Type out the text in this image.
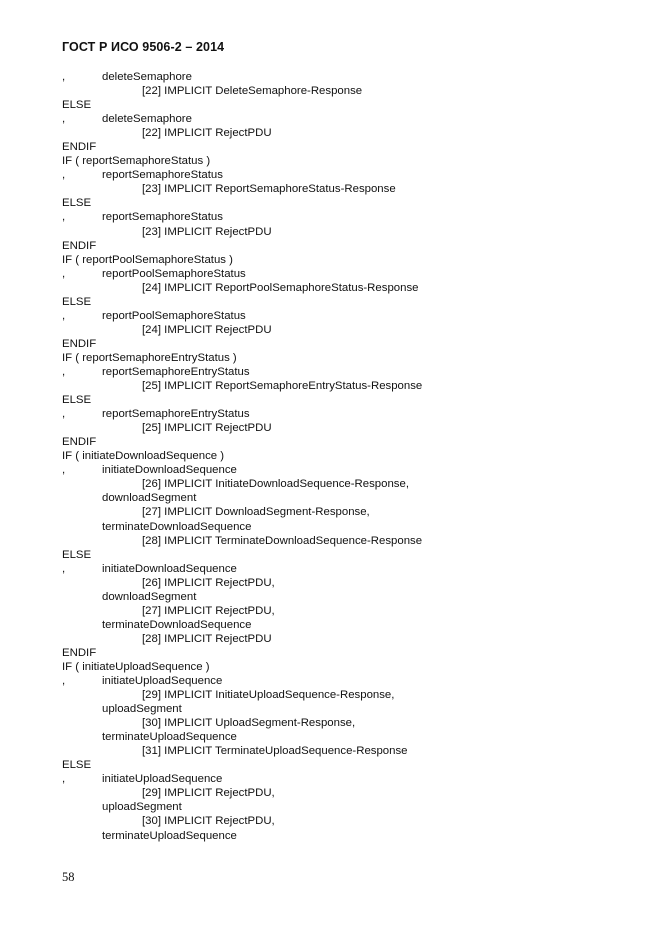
ГОСТ Р ИСО 9506-2 – 2014
,	deleteSemaphore
[22] IMPLICIT DeleteSemaphore-Response
ELSE
,	deleteSemaphore
[22] IMPLICIT RejectPDU
ENDIF
IF ( reportSemaphoreStatus )
,	reportSemaphoreStatus
[23] IMPLICIT ReportSemaphoreStatus-Response
ELSE
,	reportSemaphoreStatus
[23] IMPLICIT RejectPDU
ENDIF
IF ( reportPoolSemaphoreStatus )
,	reportPoolSemaphoreStatus
[24] IMPLICIT ReportPoolSemaphoreStatus-Response
ELSE
,	reportPoolSemaphoreStatus
[24] IMPLICIT RejectPDU
ENDIF
IF ( reportSemaphoreEntryStatus )
,	reportSemaphoreEntryStatus
[25] IMPLICIT ReportSemaphoreEntryStatus-Response
ELSE
,	reportSemaphoreEntryStatus
[25] IMPLICIT RejectPDU
ENDIF
IF ( initiateDownloadSequence )
,	initiateDownloadSequence
[26] IMPLICIT InitiateDownloadSequence-Response,
downloadSegment
[27] IMPLICIT DownloadSegment-Response,
terminateDownloadSequence
[28] IMPLICIT TerminateDownloadSequence-Response
ELSE
,	initiateDownloadSequence
[26] IMPLICIT RejectPDU,
downloadSegment
[27] IMPLICIT RejectPDU,
terminateDownloadSequence
[28] IMPLICIT RejectPDU
ENDIF
IF ( initiateUploadSequence )
,	initiateUploadSequence
[29] IMPLICIT InitiateUploadSequence-Response,
uploadSegment
[30] IMPLICIT UploadSegment-Response,
terminateUploadSequence
[31] IMPLICIT TerminateUploadSequence-Response
ELSE
,	initiateUploadSequence
[29] IMPLICIT RejectPDU,
uploadSegment
[30] IMPLICIT RejectPDU,
terminateUploadSequence
58
